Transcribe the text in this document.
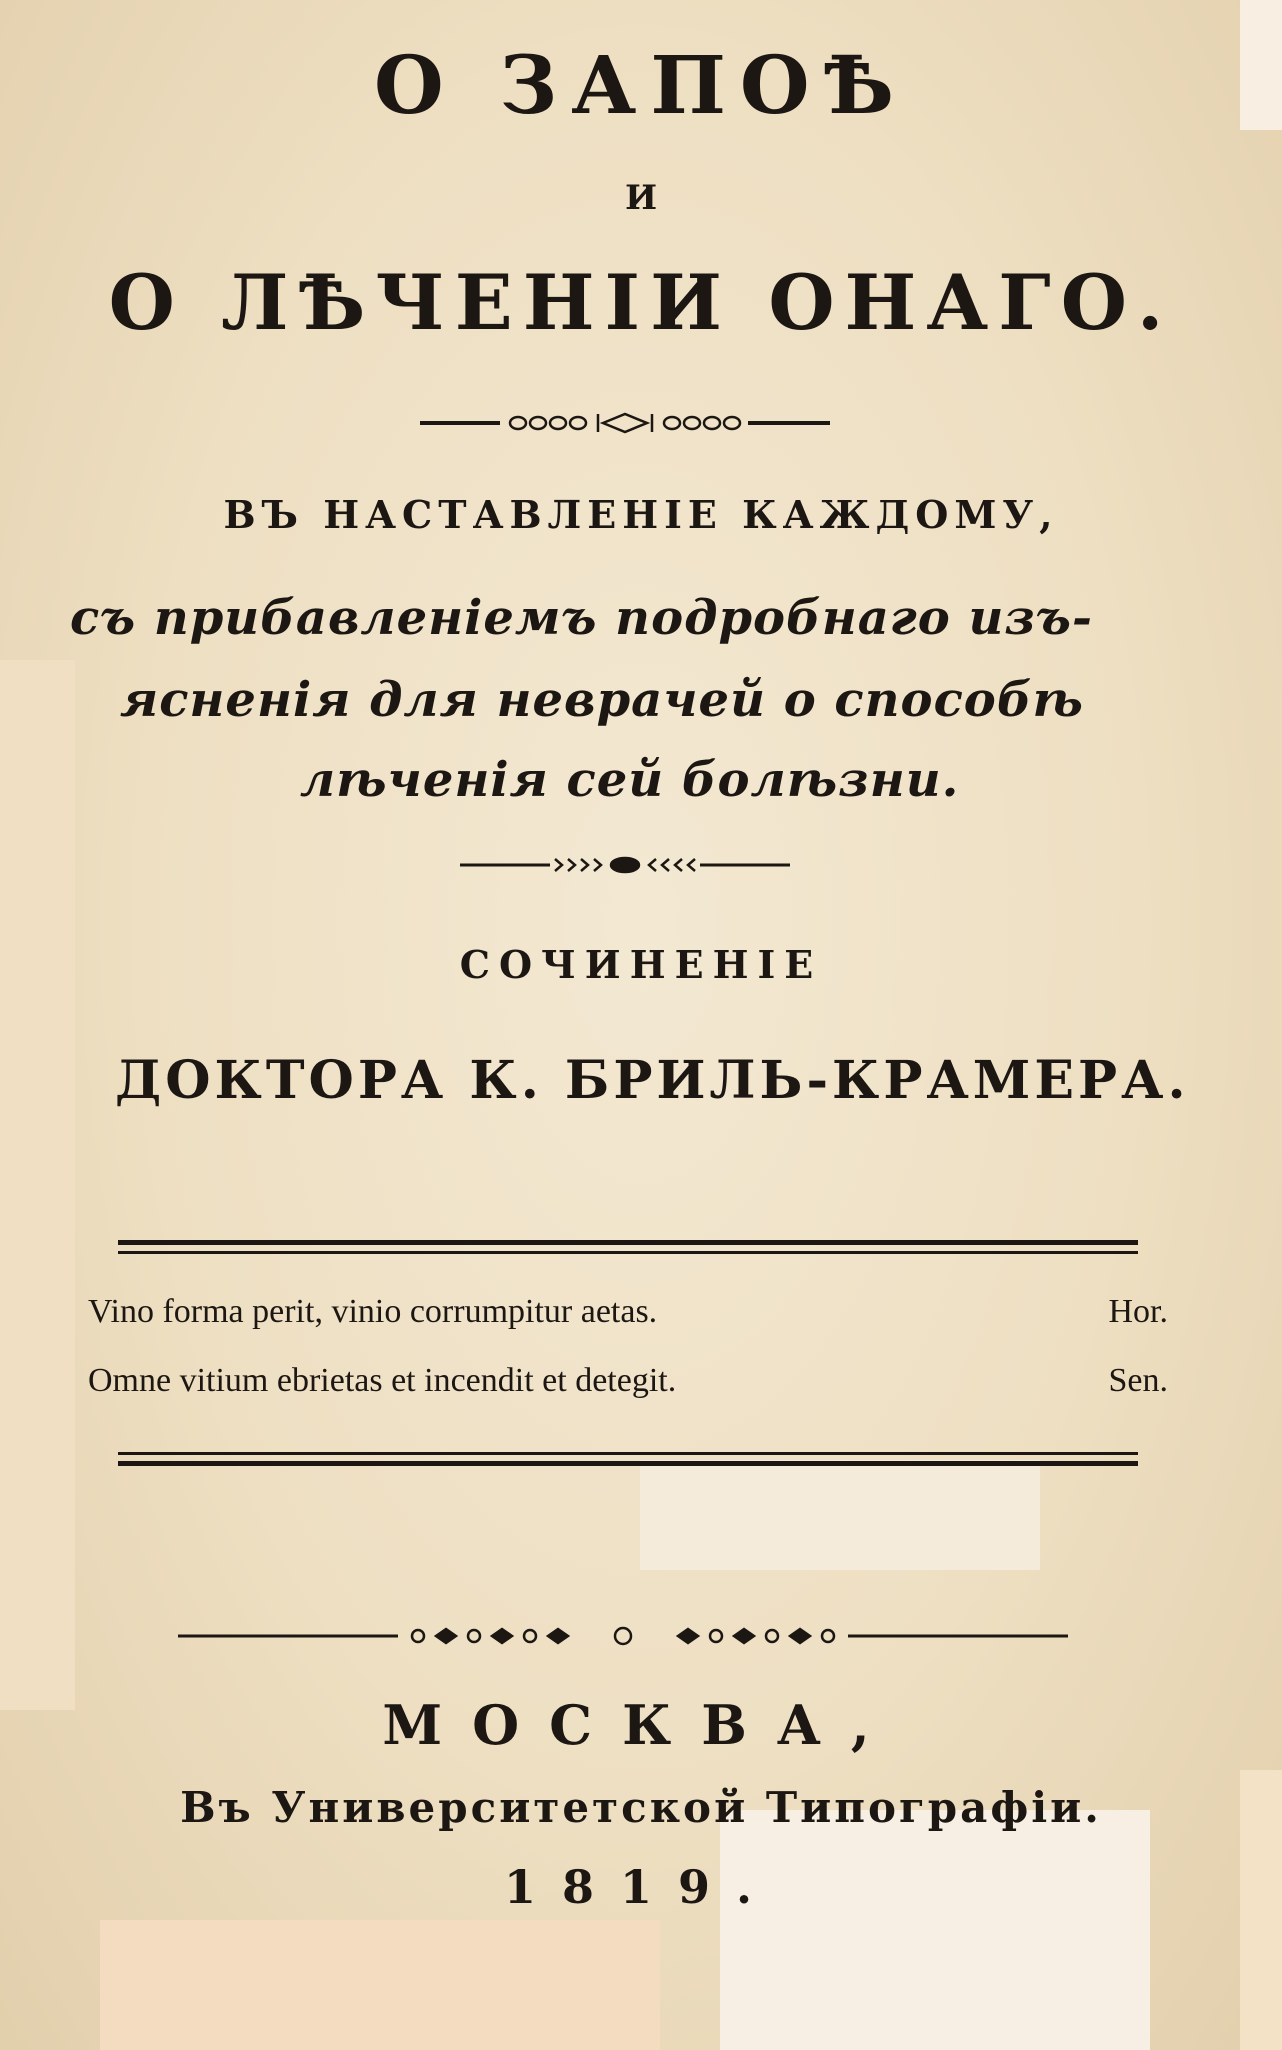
О ЗАПОѢ
И
О ЛѢЧЕНІИ ОНАГО.
ВЪ НАСТАВЛЕНІЕ КАЖДОМУ,
съ прибавленіемъ подробнаго изъ-
ясненія для неврачей о способѣ
лѣченія сей болѣзни.
СОЧИНЕНІЕ
ДОКТОРА К. БРИЛЬ-КРАМЕРА.
Vino forma perit, vinio corrumpitur aetas.	Hor.
Omne vitium ebrietas et incendit et detegit.	Sen.
МОСКВА,
Въ Университетской Типографіи.
1819.
